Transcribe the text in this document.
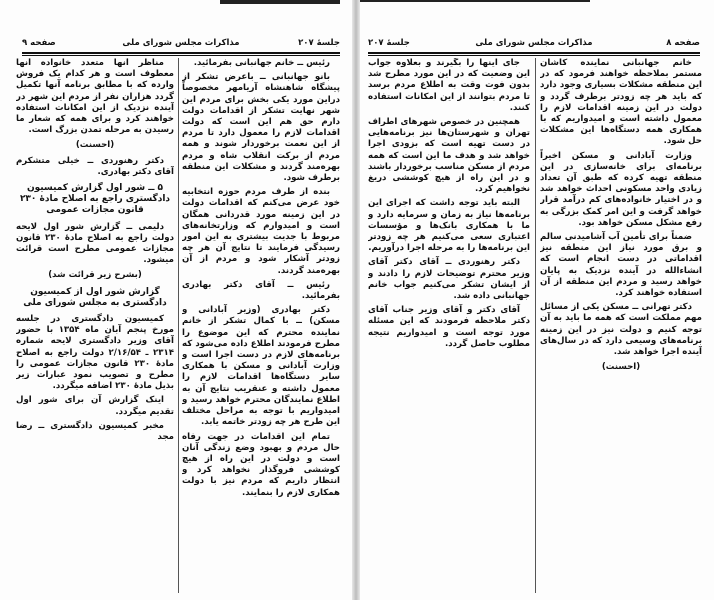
جلسهٔ ۲۰۷
مذاکرات مجلس شورای ملی
صفحه ۹

رئیس ــ خانم جهانبانی بفرمائید.

بانو جهانبانی ــ باعرض تشکر از پیشگاه شاهنشاه آریامهر مخصوصاً دراین مورد یکی بخش برای مردم این شهر نهایت تشکر از اقدامات دولت دارم حق هم این است که دولت اقدامات لازم را معمول دارد تا مردم از این نعمت برخوردار شوند و همه مردم از برکت انقلاب شاه و مردم بهره‌مند گردند و مشکلات این منطقه برطرف شود.

بنده از طرف مردم حوزه انتخابیه خود عرض می‌کنم که اقدامات دولت در این زمینه مورد قدردانی همگان است و امیدوارم که وزارتخانه‌های مربوط با جدیت بیشتری به این امور رسیدگی فرمایند تا نتایج آن هر چه زودتر آشکار شود و مردم از آن بهره‌مند گردند.

رئیس ــ آقای دکتر بهادری بفرمائید.

دکتر بهادری (وزیر آبادانی و مسکن) ــ با کمال تشکر از خانم نماینده محترم که این موضوع را مطرح فرمودند اطلاع داده می‌شود که برنامه‌های لازم در دست اجرا است و وزارت آبادانی و مسکن با همکاری سایر دستگاه‌ها اقدامات لازم را معمول داشته و عنقریب نتایج آن به اطلاع نمایندگان محترم خواهد رسید و امیدواریم با توجه به مراحل مختلف این طرح هر چه زودتر خاتمه یابد.

تمام این اقدامات در جهت رفاه حال مردم و بهبود وضع زندگی آنان است و دولت در این راه از هیچ کوششی فروگذار نخواهد کرد و انتظار داریم که مردم نیز با دولت همکاری لازم را بنمایند.

مناظر آنها متعدد خانواده آنها معطوف است و هر کدام یک فروش وارده که با مطابق برنامه آنها تکمیل گردد هزاران نفر از مردم این شهر در آینده نزدیک از این امکانات استفاده خواهند کرد و برای همه که شعار ما رسیدن به مرحله تمدن بزرگ است.

(احسنت)

دکتر رهنوردی ــ خیلی متشکرم آقای دکتر بهادری.

۵ ــ شور اول گزارش کمیسیون دادگستری راجع به اصلاح مادهٔ ۲۳۰ قانون مجازات عمومی

دلیمی ــ گزارش شور اول لایحه دولت راجع به اصلاح مادهٔ ۲۳۰ قانون مجازات عمومی مطرح است قرائت میشود.

(بشرح زیر قرائت شد)

گزارش شور اول از کمیسیون دادگستری به مجلس شورای ملی

کمیسیون دادگستری در جلسه مورخ پنجم آبان ماه ۱۳۵۴ با حضور آقای وزیر دادگستری لایحه شماره ۲۳۱۴ ـ ۲/۱۶/۵۴ دولت راجع به اصلاح مادهٔ ۲۳۰ قانون مجازات عمومی را مطرح و تصویب نمود عبارات زیر بذیل مادهٔ ۲۳۰ اضافه میگردد.

اینک گزارش آن برای شور اول تقدیم میگردد.

مخبر کمیسیون دادگستری ــ رضا مجد

صفحه ۸
مذاکرات مجلس شورای ملی
جلسهٔ ۲۰۷

خانم جهانبانی نماینده کاشان مستمر بملاحظه خواهند فرمود که در این منطقه مشکلات بسیاری وجود دارد که باید هر چه زودتر برطرف گردد و دولت در این زمینه اقدامات لازم را معمول داشته است و امیدواریم که با همکاری همه دستگاه‌ها این مشکلات حل شود.

وزارت آبادانی و مسکن اخیراً برنامه‌ای برای خانه‌سازی در این منطقه تهیه کرده که طبق آن تعداد زیادی واحد مسکونی احداث خواهد شد و در اختیار خانواده‌های کم درآمد قرار خواهد گرفت و این امر کمک بزرگی به رفع مشکل مسکن خواهد بود.

ضمناً برای تأمین آب آشامیدنی سالم و برق مورد نیاز این منطقه نیز اقداماتی در دست انجام است که انشاءالله در آینده نزدیک به پایان خواهد رسید و مردم این منطقه از آن استفاده خواهند کرد.

دکتر تهرانی ــ مسکن یکی از مسائل مهم مملکت است که همه ما باید به آن توجه کنیم و دولت نیز در این زمینه برنامه‌های وسیعی دارد که در سال‌های آینده اجرا خواهد شد.

(احسنت)

جای اینها را بگیرند و بعلاوه جواب این وضعیت که در این مورد مطرح شد بدون فوت وقت به اطلاع مردم برسد تا مردم بتوانند از این امکانات استفاده کنند.

همچنین در خصوص شهرهای اطراف تهران و شهرستان‌ها نیز برنامه‌هایی در دست تهیه است که بزودی اجرا خواهد شد و هدف ما این است که همه مردم از مسکن مناسب برخوردار باشند و در این راه از هیچ کوششی دریغ نخواهیم کرد.

البته باید توجه داشت که اجرای این برنامه‌ها نیاز به زمان و سرمایه دارد و ما با همکاری بانک‌ها و مؤسسات اعتباری سعی می‌کنیم هر چه زودتر این برنامه‌ها را به مرحله اجرا درآوریم.

دکتر رهنوردی ــ آقای دکتر آقای وزیر محترم توضیحات لازم را دادند و از ایشان تشکر می‌کنیم جواب خانم جهانبانی داده شد.

آقای دکتر و آقای وزیر جناب آقای دکتر ملاحظه فرمودند که این مسئله مورد توجه است و امیدواریم نتیجه مطلوب حاصل گردد.
